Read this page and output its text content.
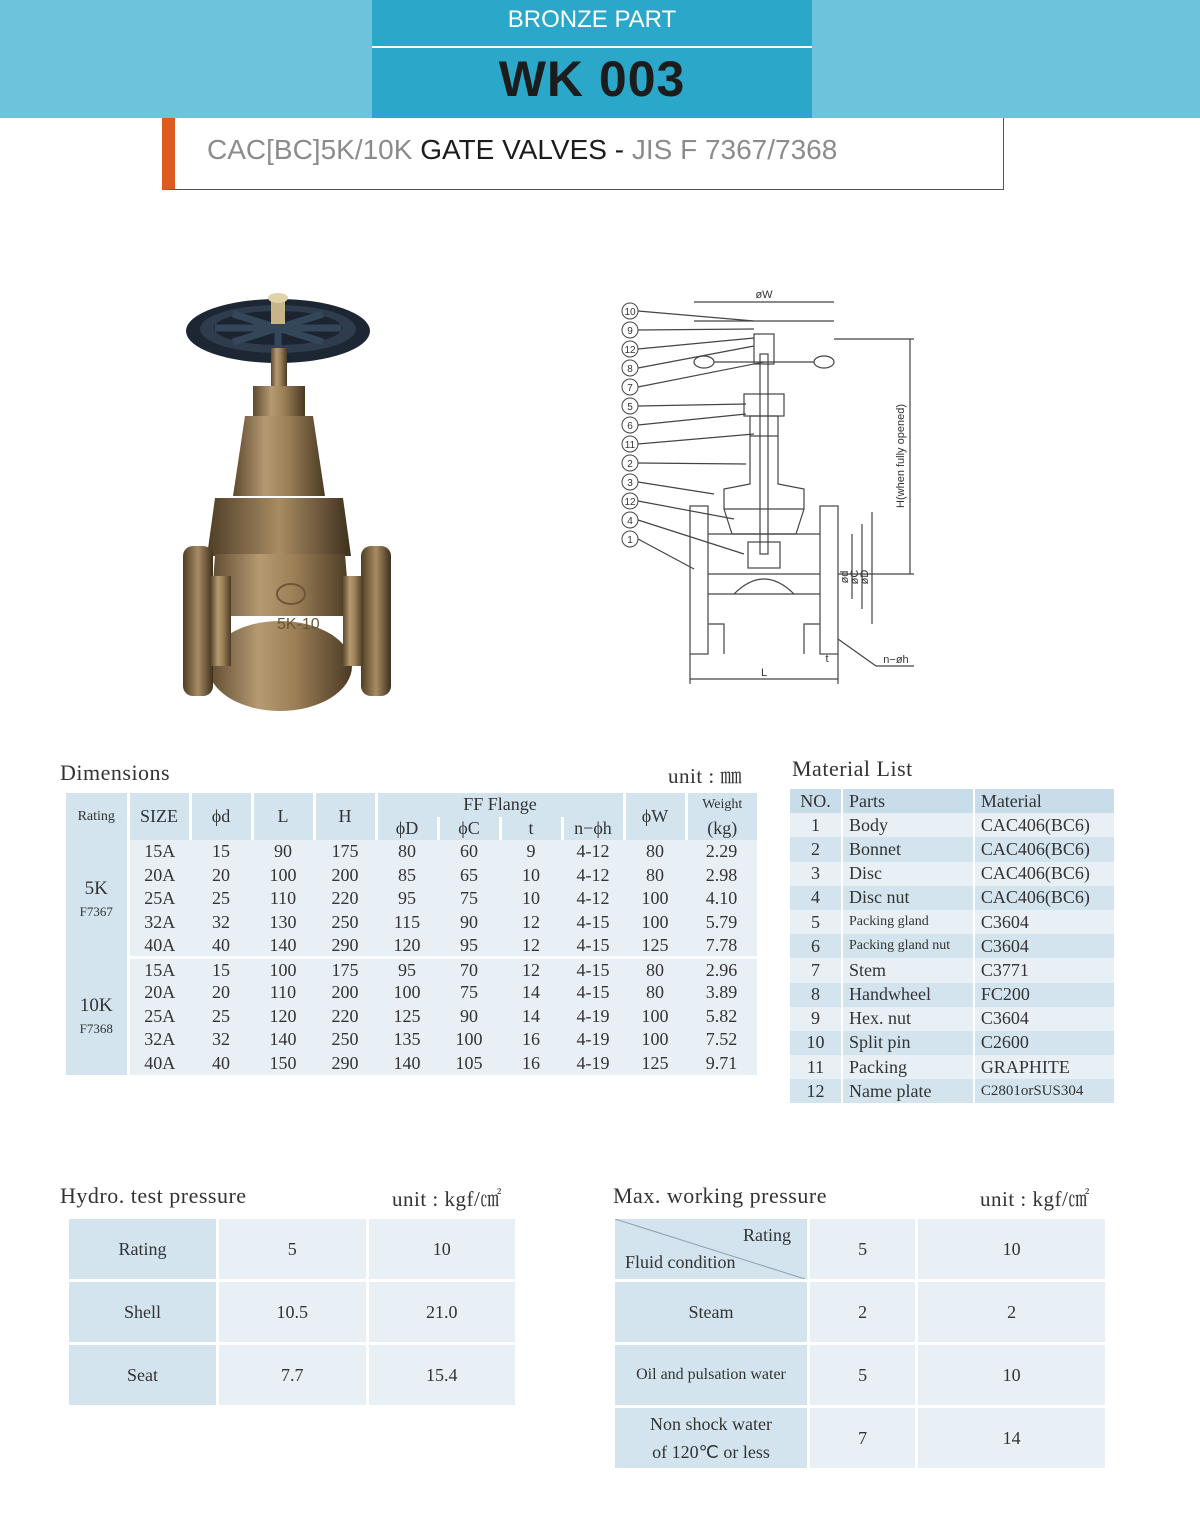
BRONZE PART
WK 003
CAC[BC]5K/10K GATE VALVES - JIS F 7367/7368
5K-10
10
9
12
8
7
5
6
11
2
3
12
4
1
øW
L
t	n−øh
H(when fully opened)
ød
øC
øD
Dimensions	unit : ㎜
Rating	SIZE	ϕd	L	H	FF Flange				ϕW	Weight
					ϕD	ϕC	t	n−ϕh		(kg)

5K
F7367	15A	15	90	175	80	60	9	4-12	80	2.29
	20A	20	100	200	85	65	10	4-12	80	2.98
	25A	25	110	220	95	75	10	4-12	100	4.10
	32A	32	130	250	115	90	12	4-15	100	5.79
	40A	40	140	290	120	95	12	4-15	125	7.78

10K
F7368	15A	15	100	175	95	70	12	4-15	80	2.96
	20A	20	110	200	100	75	14	4-15	80	3.89
	25A	25	120	220	125	90	14	4-19	100	5.82
	32A	32	140	250	135	100	16	4-19	100	7.52
	40A	40	150	290	140	105	16	4-19	125	9.71
Material List
NO.	Parts	Material
1	Body	CAC406(BC6)
2	Bonnet	CAC406(BC6)
3	Disc	CAC406(BC6)
4	Disc nut	CAC406(BC6)
5	Packing gland	C3604
6	Packing gland nut	C3604
7	Stem	C3771
8	Handwheel	FC200
9	Hex. nut	C3604
10	Split pin	C2600
11	Packing	GRAPHITE
12	Name plate	C2801orSUS304
Hydro. test pressure	unit : kgf/㎠
Rating	5	10
Shell	10.5	21.0
Seat	7.7	15.4
Max. working pressure	unit : kgf/㎠
Rating
Fluid condition	5	10
Steam	2	2
Oil and pulsation water	5	10

Non shock water
of 120℃ or less	7	14
